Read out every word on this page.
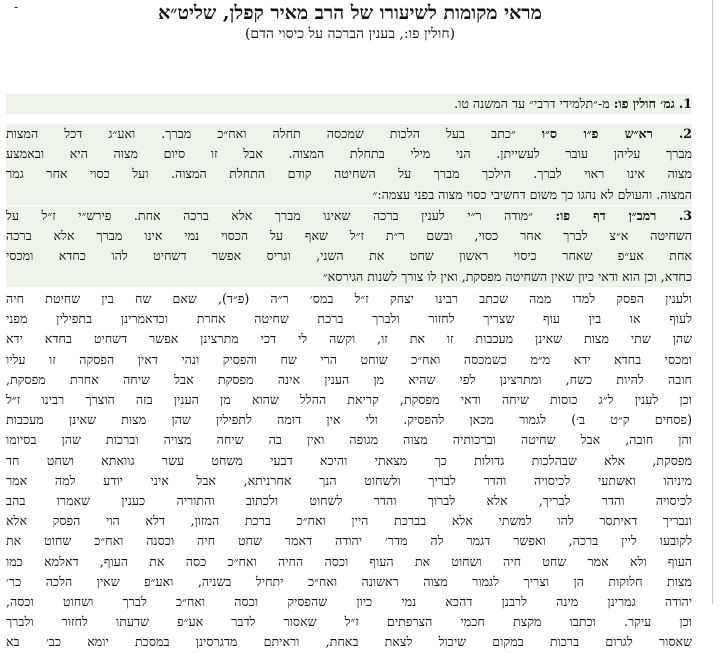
-	מראי מקומות לשיעורו של הרב מאיר קפלן, שליט״א
(חולין פו:, בענין הברכה על כיסוי הדם)

1. גמ׳ חולין פו: מ-״תלמידי דרבי״ עד המשנה טו.

2. רא״ש פ״ו ס״ו ״כתב בעל הלכות שמכסה תחלה ואח״כ מברך. ואע״ג דכל המצות
מברך עליהן עובר לעשייתן. הני מילי בתחלת המצוה. אבל זו סיום מצוה היא ובאמצע
מצוה אינו ראוי לברך. הילכך מברך על השחיטה קודם התחלת המצוה. ועל כסוי אחר גמר
המצוה. והעולם לא נהגו כך משום דחשיבי כסוי מצוה בפני עצמה:״
3. רמב״ן דף פו: ״מודה ר״י לענין ברכה שאינו מברך אלא ברכה אחת. פירש״י ז״ל על
השחיטה א״צ לברך אחר כסוי, ובשם ר״ת ז״ל שאף על הכסוי נמי אינו מברך אלא ברכה
אחת אע״פ שאחר כיסוי ראשון שחט את השני, וגריס אפשר דשחיט להו כחדא ומכסי
כחדא, וכן הוא ודאי כיון שאין השחיטה מפסקת, ואין לו צורך לשנות הגירסא״
ולענין הפסק למדו ממה שכתב רבינו יצחק ז״ל במס׳ ר״ה (פ״ד), שאם שח בין שחיטת חיה
לעוף או בין עוף שצריך לחזור ולברך ברכת שחיטה אחרת וכדאמרינן בתפילין מפני
שהן שתי מצות שאינן מעכבות זו את זו, וקשה לי דכי מתרצינן אפשר דשחיט בחדא ידא
ומכסי בחדא ידא מ״מ כשמכסה ואח״כ שוחט הרי שח והפסיק ונהי דאין הפסקה זו עליו
חובה להיות כשח, ומתרצינן לפי שהיא מן הענין אינה מפסקת אבל שיחה אחרת מפסקת,
וכן לענין ל״ג כוסות שיחה ודאי מפסקת, קריאת ההלל שהוא מן הענין בזה הוצרך רבינו ז״ל
(פסחים ק״ט ב׳) לגמור מכאן להפסיק. ולי אין דומה לתפילין שהן מצות שאינן מעכבות
והן חובה, אבל שחיטה וברכותיה מצוה מגופה ואין בה שיחה מצויה וברכות שהן בסיומו
מפסקת, אלא שבהלכות גדולות כך מצאתי והיכא דבעי משחט עשר גוואתא ושחט חד
מיניהו ואשתעי לכיסויה והדר לבריך ולשחוט הנך אחרניתא, אבל איני יודע למה אמר
לכיסויה והדר לבריך, אלא לברוך והדר לשחוט ולכתוב והתוריה כענין שאמרו בהב
ונבריך דאיתסר להו למשתי אלא בברכת היין ואח״כ ברכת המזון, דלא הוי הפסק אלא
לקובעו ליין ברכה, ואפשר דגמר לה מדר׳ יהודה דאמר שחט חיה וכסנה ואח״כ שחוט את
העוף ולא אמר שחט חיה ושחוט את העוף וכסה החיה ואח״כ כסה את העוף, דאלמא כמו
מצות חלוקות הן וצריך לגמור מצוה ראשונה ואח״כ יתחיל בשניה, ואע״פ שאין הלכה כר׳
יהודה גמרינן מינה לרבנן דהכא נמי כיון שהפסיק וכסה ואח״כ לברך ושחוט וכסה,
וכן עיקר. וכתבו מקצת חכמי הצרפתים ז״ל שאסור לדבר אע״פ שדעתו לחזור ולברך
שאסור לגרום ברכות במקום שיכול לצאת באחת, וראיתם מדגרסינן במסכת יומא כב׳ בא
